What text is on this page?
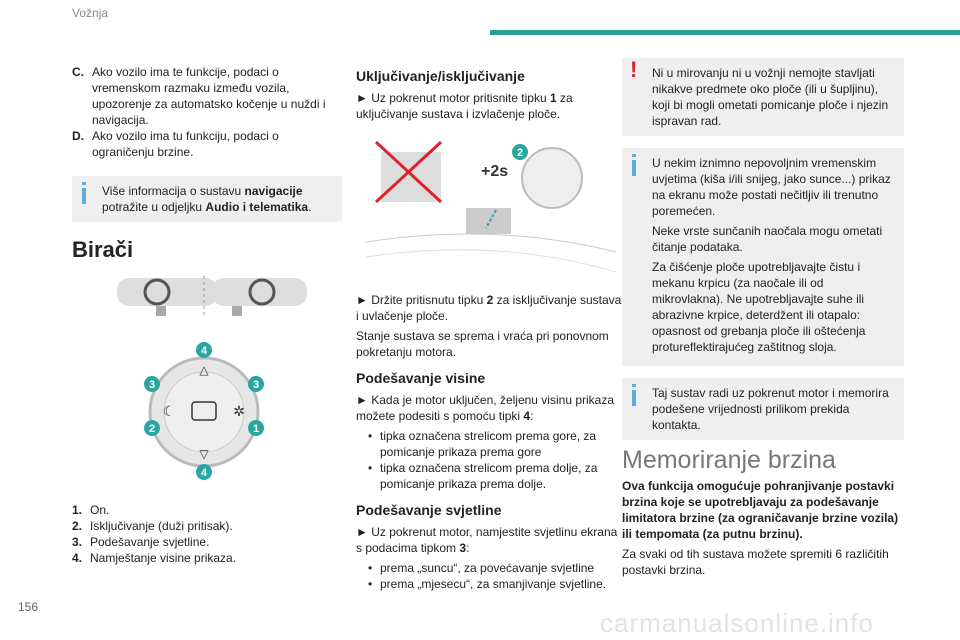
Vožnja
C. Ako vozilo ima te funkcije, podaci o vremenskom razmaku između vozila, upozorenje za automatsko kočenje u nuždi i navigacija.
D. Ako vozilo ima tu funkciju, podaci o ograničenju brzine.
Više informacija o sustavu navigacije potražite u odjeljku Audio i telematika.
Birači

△
▽
☾	✲
4
3	3
2	1
4
1. On.
2. Isključivanje (duži pritisak).
3. Podešavanje svjetline.
4. Namještanje visine prikaza.
Uključivanje/isključivanje

► Uz pokrenut motor pritisnite tipku 1 za uključivanje sustava i izvlačenje ploče.

+2s
2

► Držite pritisnutu tipku 2 za isključivanje sustava i uvlačenje ploče.

Stanje sustava se sprema i vraća pri ponovnom pokretanju motora.

Podešavanje visine

► Kada je motor uključen, željenu visinu prikaza možete podesiti s pomoću tipki 4:

• tipka označena strelicom prema gore, za pomicanje prikaza prema gore
• tipka označena strelicom prema dolje, za pomicanje prikaza prema dolje.
Podešavanje svjetline

► Uz pokrenut motor, namjestite svjetlinu ekrana s podacima tipkom 3:

• prema „suncu“, za povećavanje svjetline
• prema „mjesecu“, za smanjivanje svjetline.
! Ni u mirovanju ni u vožnji nemojte stavljati nikakve predmete oko ploče (ili u šupljinu), koji bi mogli ometati pomicanje ploče i njezin ispravan rad.

U nekim iznimno nepovoljnim vremenskim uvjetima (kiša i/ili snijeg, jako sunce...) prikaz na ekranu može postati nečitljiv ili trenutno poremećen.

Neke vrste sunčanih naočala mogu ometati čitanje podataka.

Za čišćenje ploče upotrebljavajte čistu i mekanu krpicu (za naočale ili od mikrovlakna). Ne upotrebljavajte suhe ili abrazivne krpice, deterdžent ili otapalo: opasnost od grebanja ploče ili oštećenja protureflektirajućeg zaštitnog sloja.

Taj sustav radi uz pokrenut motor i memorira podešene vrijednosti prilikom prekida kontakta.
Memoriranje brzina

Ova funkcija omogućuje pohranjivanje postavki brzina koje se upotrebljavaju za podešavanje limitatora brzine (za ograničavanje brzine vozila) ili tempomata (za putnu brzinu).

Za svaki od tih sustava možete spremiti 6 različitih postavki brzina.

156
carmanualsonline.info
